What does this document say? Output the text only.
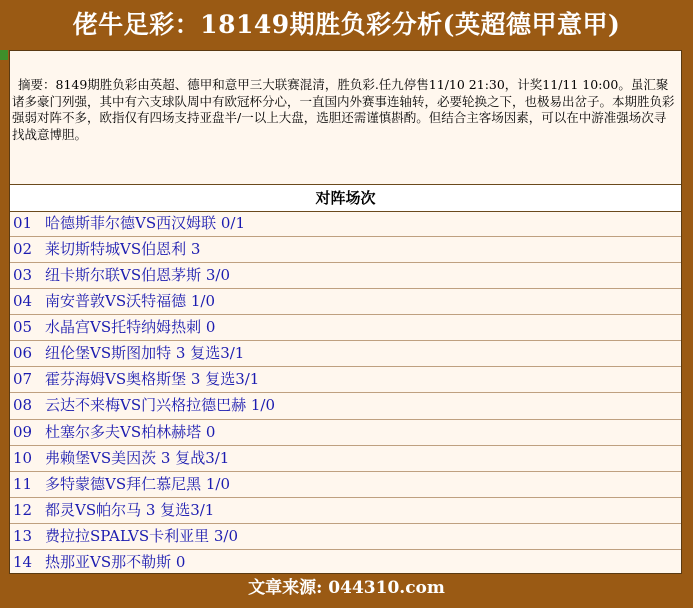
佬牛足彩：18149期胜负彩分析(英超德甲意甲)
摘要：8149期胜负彩由英超、德甲和意甲三大联赛混清，胜负彩.任九停售11/10 21:30，计奖11/11 10:00。虽汇聚诸多豪门列强，其中有六支球队周中有欧冠杯分心，一直国内外赛事连轴转，必要轮换之下，也极易出岔子。本期胜负彩强弱对阵不多，欧指仅有四场支持亚盘半/一以上大盘，选胆还需谨慎斟酌。但结合主客场因素，可以在中游准强场次寻找战意博胆。
对阵场次
01 哈德斯菲尔德VS西汉姆联 0/1
02 莱切斯特城VS伯恩利 3
03 纽卡斯尔联VS伯恩茅斯 3/0
04 南安普敦VS沃特福德 1/0
05 水晶宫VS托特纳姆热刺 0
06 纽伦堡VS斯图加特 3 复选3/1
07 霍芬海姆VS奥格斯堡 3 复选3/1
08 云达不来梅VS门兴格拉德巴赫 1/0
09 杜塞尔多夫VS柏林赫塔 0
10 弗赖堡VS美因茨 3 复战3/1
11 多特蒙德VS拜仁慕尼黑 1/0
12 都灵VS帕尔马 3 复选3/1
13 费拉拉SPALVS卡利亚里 3/0
14 热那亚VS那不勒斯 0
文章来源: 044310.com
